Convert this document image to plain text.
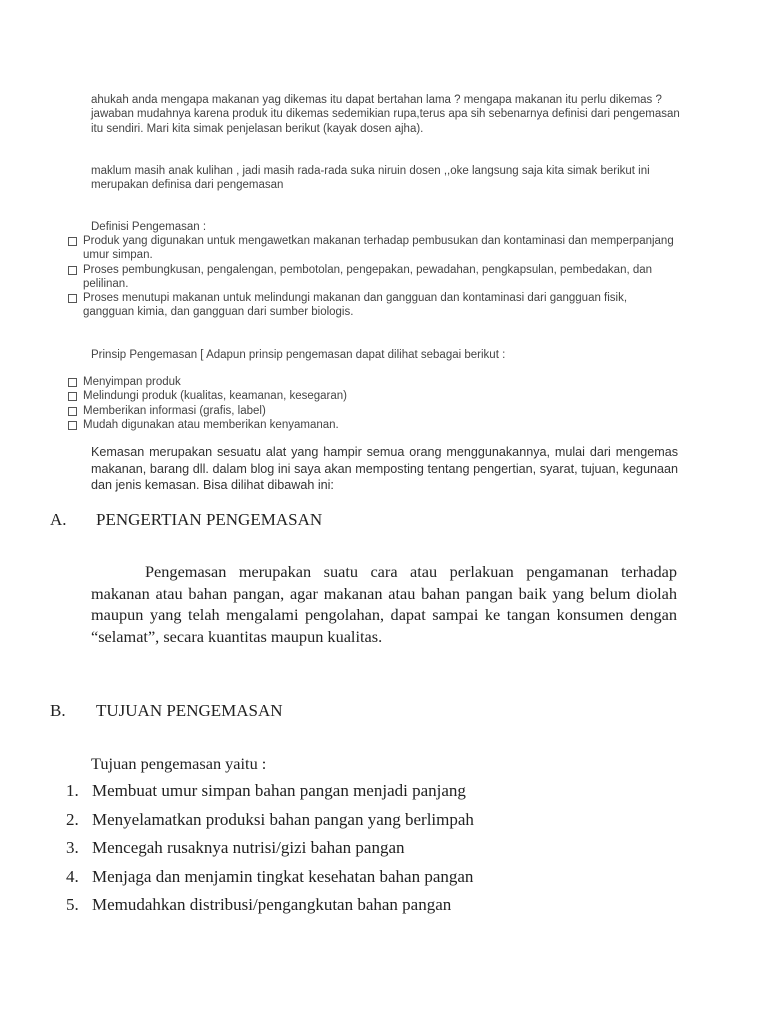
ahukah anda mengapa makanan yag dikemas itu dapat bertahan lama ? mengapa makanan itu perlu dikemas ? jawaban mudahnya karena produk itu dikemas sedemikian rupa,terus apa sih sebenarnya definisi dari pengemasan itu sendiri. Mari kita simak penjelasan berikut (kayak dosen ajha).

maklum masih anak kulihan , jadi masih rada-rada suka niruin dosen ,,oke langsung saja kita simak berikut ini merupakan definisa dari pengemasan

Definisi Pengemasan :

Produk yang digunakan untuk mengawetkan makanan terhadap pembusukan dan kontaminasi dan memperpanjang umur simpan.
Proses pembungkusan, pengalengan, pembotolan, pengepakan, pewadahan, pengkapsulan, pembedakan, dan pelilinan.
Proses menutupi makanan untuk melindungi makanan dan gangguan dan kontaminasi dari gangguan fisik, gangguan kimia, dan gangguan dari sumber biologis.

Prinsip Pengemasan [ Adapun prinsip pengemasan dapat dilihat sebagai berikut :

Menyimpan produk
Melindungi produk (kualitas, keamanan, kesegaran)
Memberikan informasi (grafis, label)
Mudah digunakan atau memberikan kenyamanan.

Kemasan merupakan sesuatu alat yang hampir semua orang menggunakannya, mulai dari mengemas makanan, barang dll. dalam blog ini saya akan memposting tentang pengertian, syarat, tujuan, kegunaan dan jenis kemasan. Bisa dilihat dibawah ini:

A. PENGERTIAN PENGEMASAN

Pengemasan merupakan suatu cara atau perlakuan pengamanan terhadap makanan atau bahan pangan, agar makanan atau bahan pangan baik yang belum diolah maupun yang telah mengalami pengolahan, dapat sampai ke tangan konsumen dengan “selamat”, secara kuantitas maupun kualitas.

B. TUJUAN PENGEMASAN

Tujuan pengemasan yaitu :

1. Membuat umur simpan bahan pangan menjadi panjang
2. Menyelamatkan produksi bahan pangan yang berlimpah
3. Mencegah rusaknya nutrisi/gizi bahan pangan
4. Menjaga dan menjamin tingkat kesehatan bahan pangan
5. Memudahkan distribusi/pengangkutan bahan pangan
